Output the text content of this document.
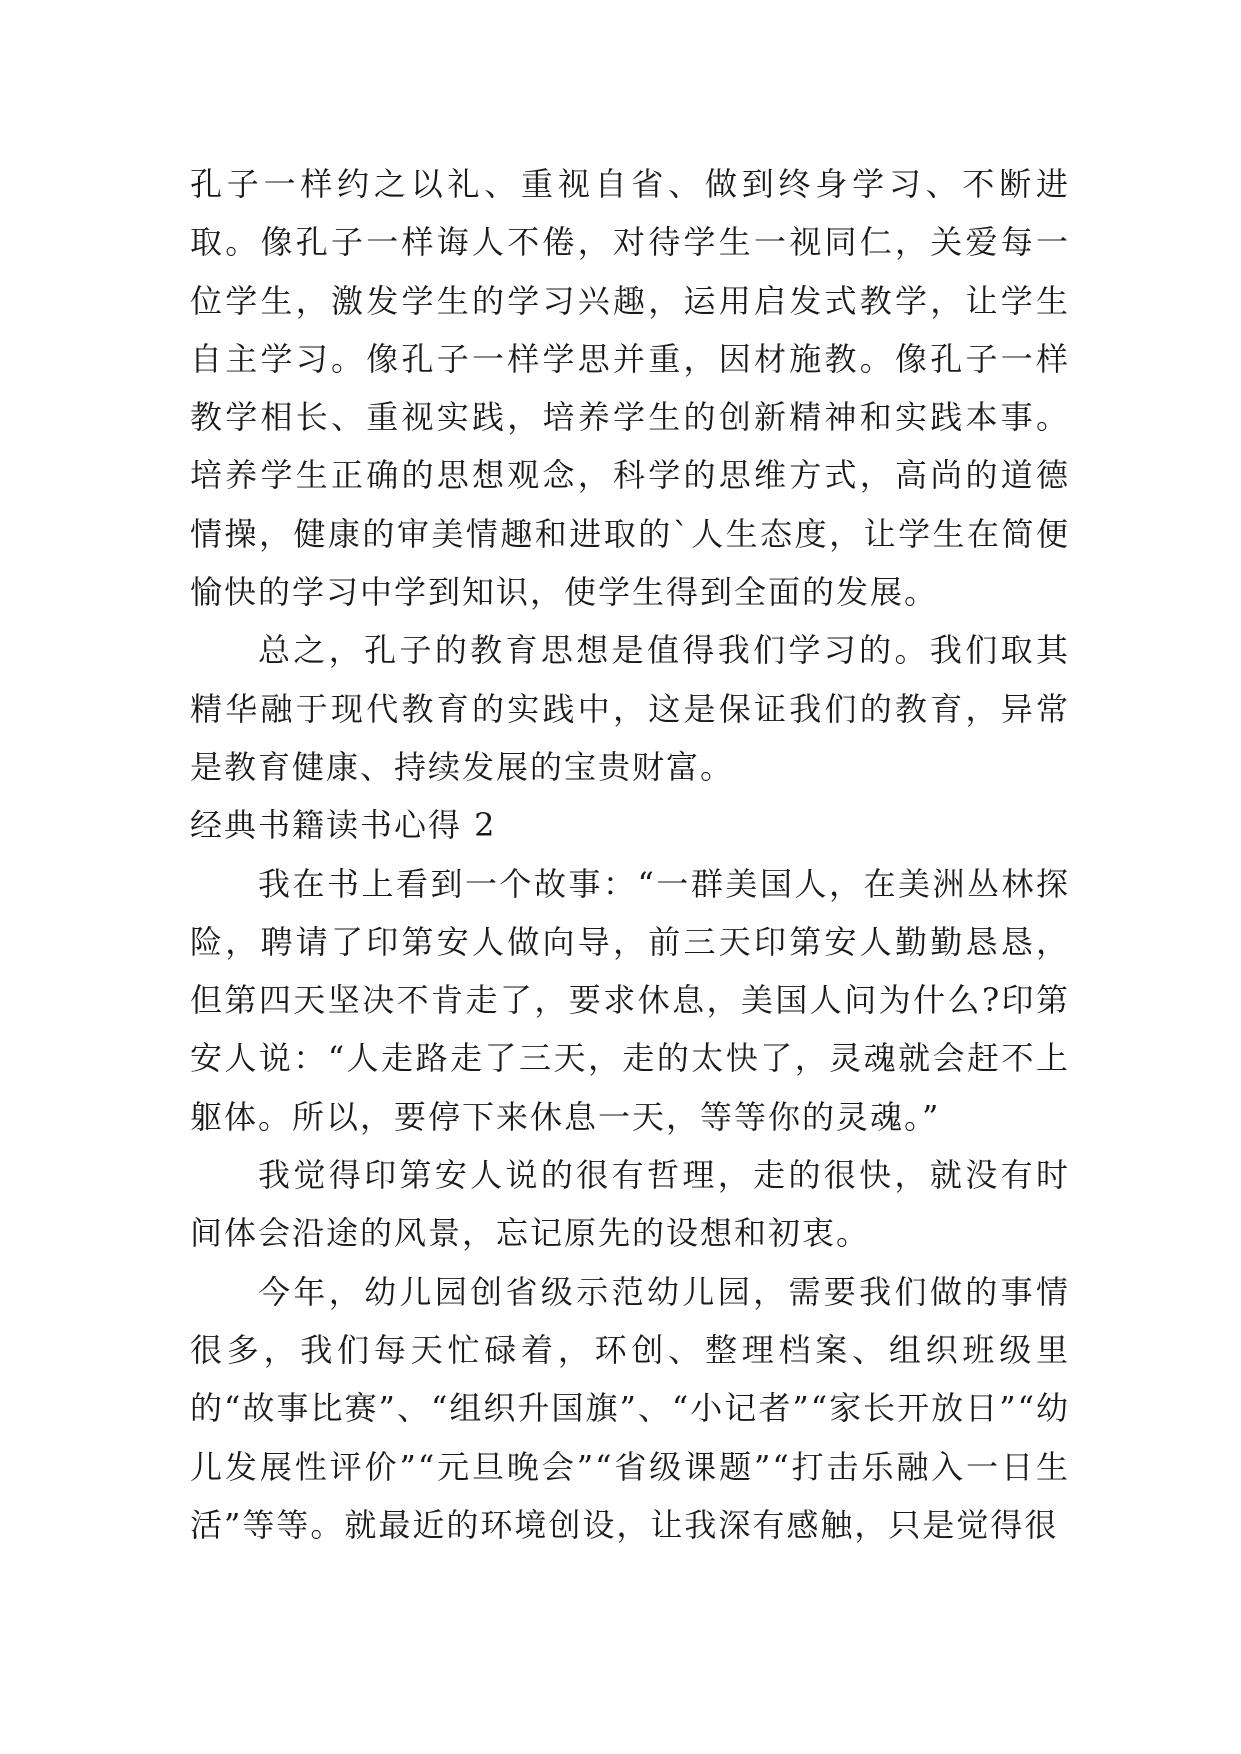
孔子一样约之以礼、重视自省、做到终身学习、不断进取。像孔子一样诲人不倦，对待学生一视同仁，关爱每一位学生，激发学生的学习兴趣，运用启发式教学，让学生自主学习。像孔子一样学思并重，因材施教。像孔子一样教学相长、重视实践，培养学生的创新精神和实践本事。培养学生正确的思想观念，科学的思维方式，高尚的道德情操，健康的审美情趣和进取的`人生态度，让学生在简便愉快的学习中学到知识，使学生得到全面的发展。

总之，孔子的教育思想是值得我们学习的。我们取其精华融于现代教育的实践中，这是保证我们的教育，异常是教育健康、持续发展的宝贵财富。

经典书籍读书心得 2

我在书上看到一个故事：“一群美国人，在美洲丛林探险，聘请了印第安人做向导，前三天印第安人勤勤恳恳，但第四天坚决不肯走了，要求休息，美国人问为什么?印第安人说：“人走路走了三天，走的太快了，灵魂就会赶不上躯体。所以，要停下来休息一天，等等你的灵魂。”

我觉得印第安人说的很有哲理，走的很快，就没有时间体会沿途的风景，忘记原先的设想和初衷。

今年，幼儿园创省级示范幼儿园，需要我们做的事情很多，我们每天忙碌着，环创、整理档案、组织班级里的“故事比赛”、“组织升国旗”、“小记者”“家长开放日”“幼儿发展性评价”“元旦晚会”“省级课题”“打击乐融入一日生活”等等。就最近的环境创设，让我深有感触，只是觉得很
